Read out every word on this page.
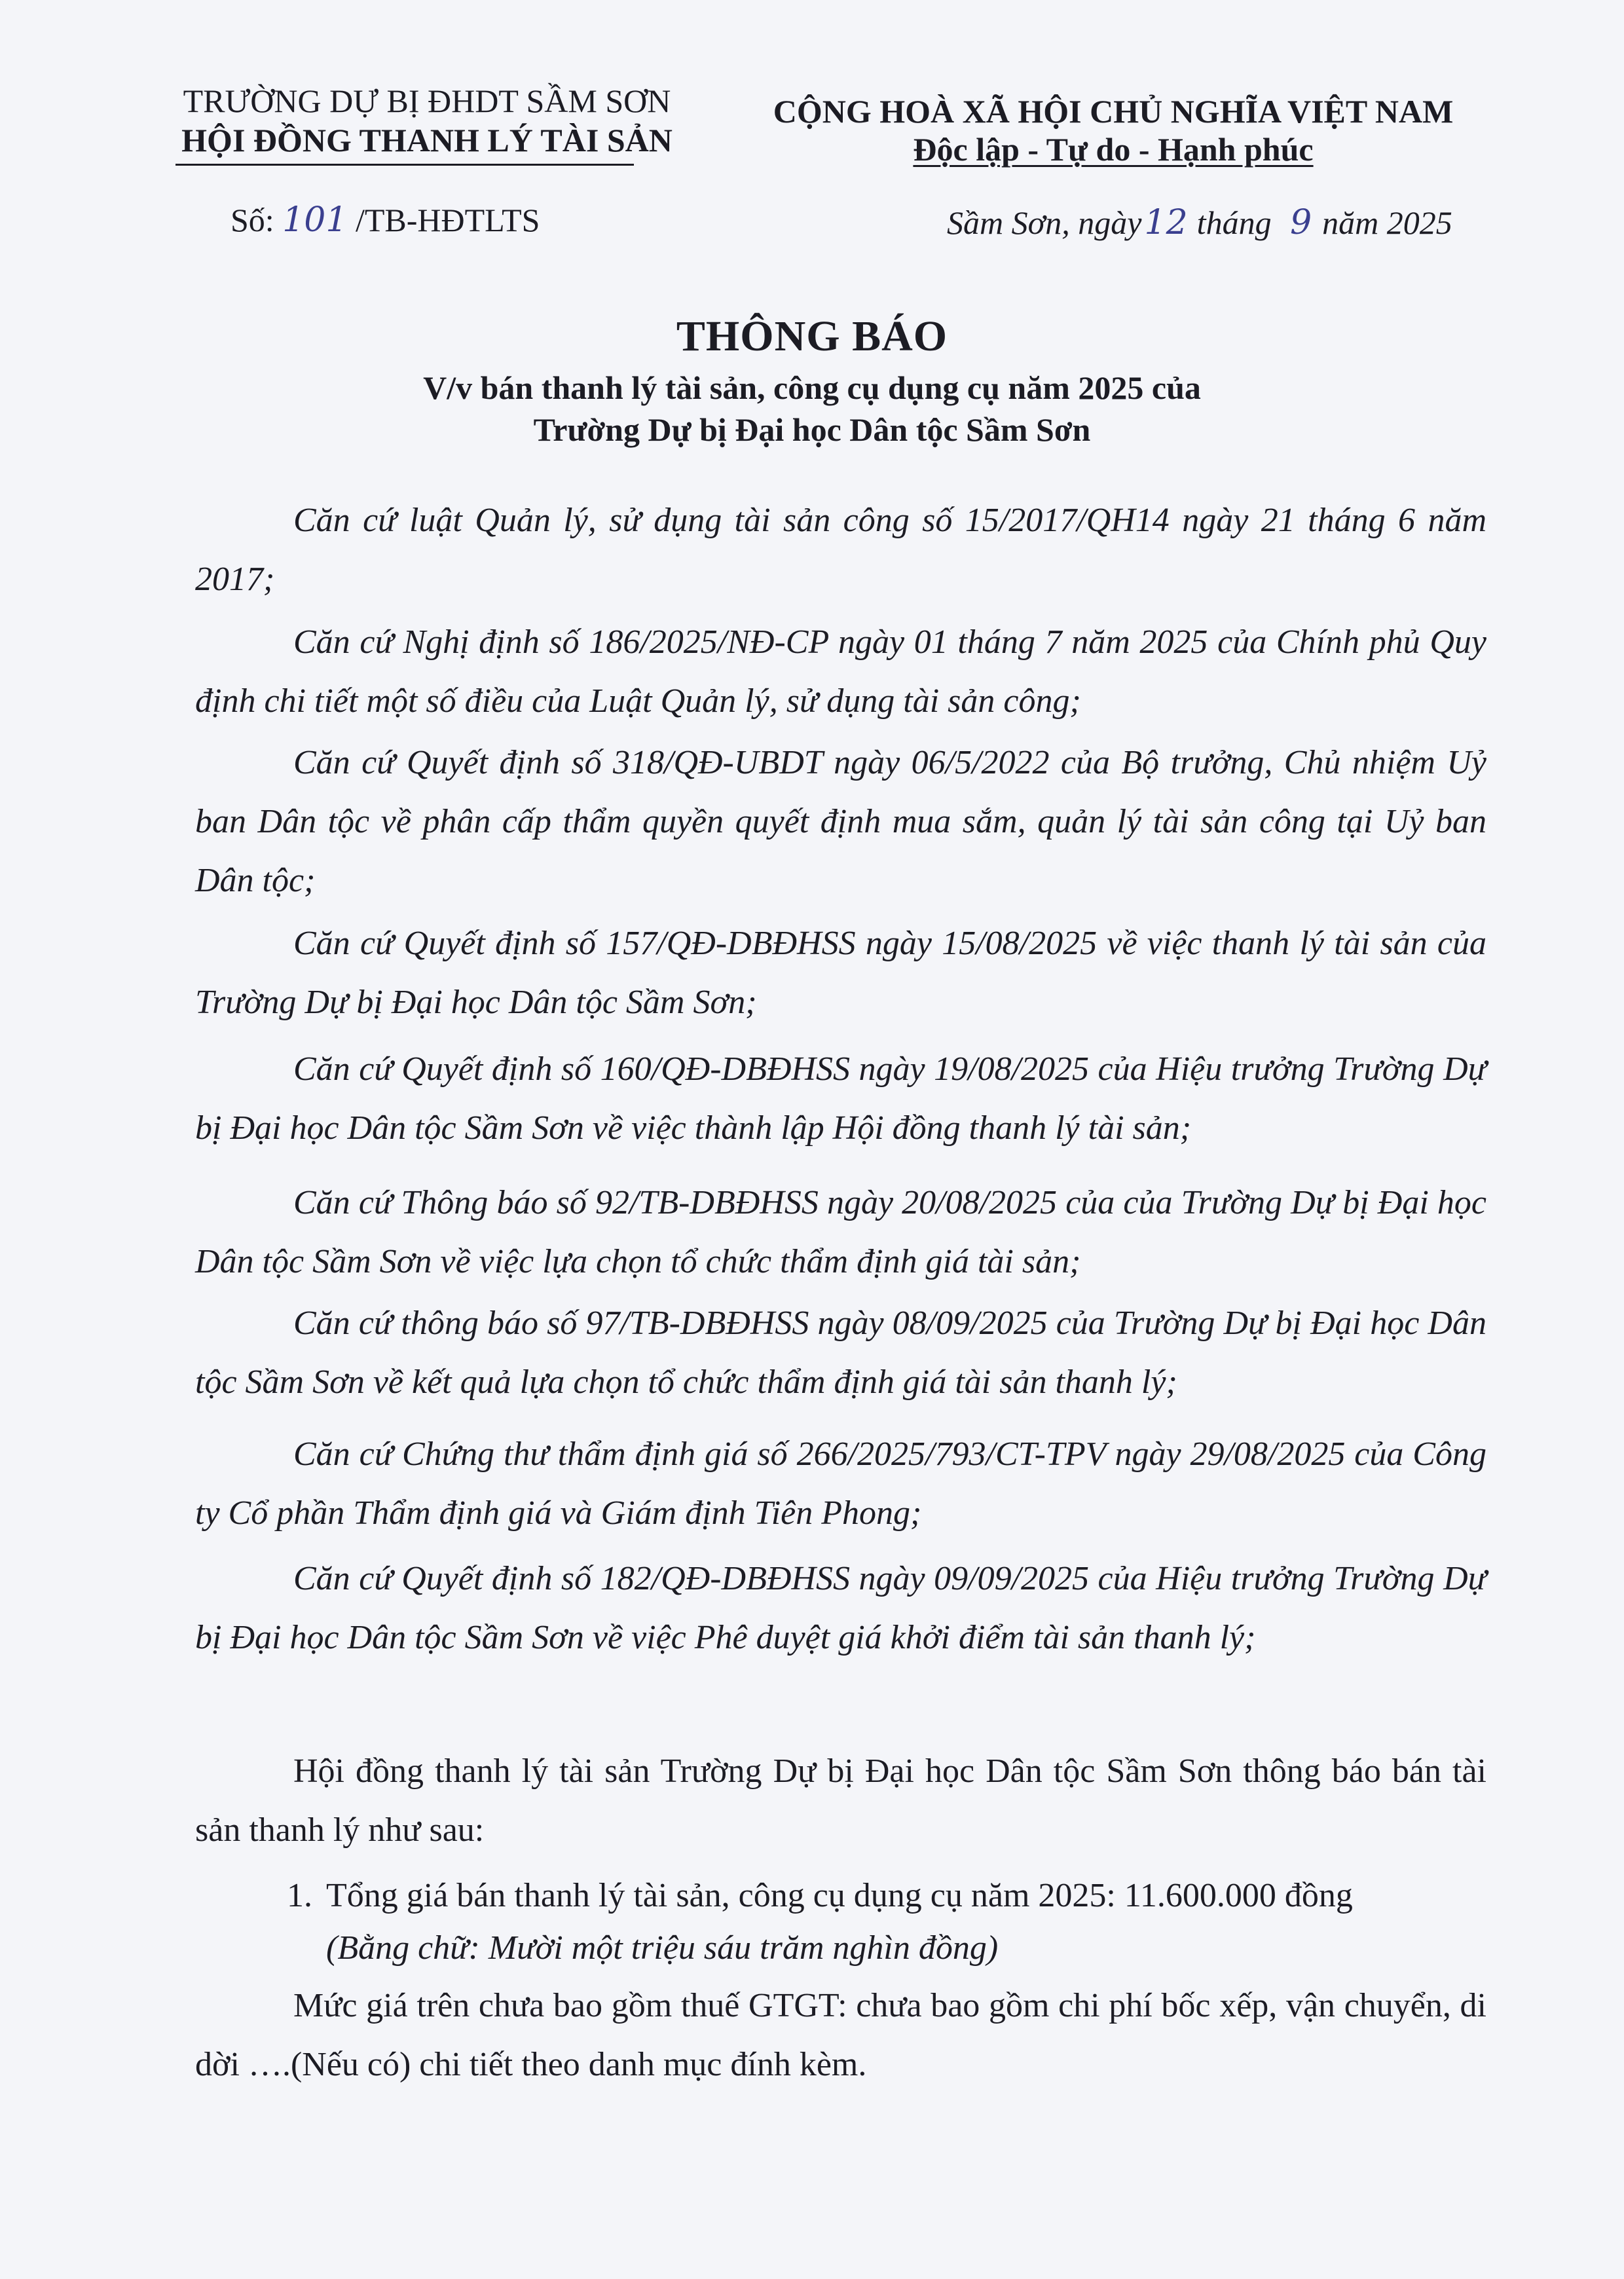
TRƯỜNG DỰ BỊ ĐHDT SẦM SƠN
HỘI ĐỒNG THANH LÝ TÀI SẢN
CỘNG HOÀ XÃ HỘI CHỦ NGHĨA VIỆT NAM
Độc lập - Tự do - Hạnh phúc
Số: 101 /TB-HĐTLTS	Sầm Sơn, ngày12 tháng 9 năm 2025
THÔNG BÁO
V/v bán thanh lý tài sản, công cụ dụng cụ năm 2025 của
Trường Dự bị Đại học Dân tộc Sầm Sơn
Căn cứ luật Quản lý, sử dụng tài sản công số 15/2017/QH14 ngày 21 tháng 6 năm 2017;
Căn cứ Nghị định số 186/2025/NĐ-CP ngày 01 tháng 7 năm 2025 của Chính phủ Quy định chi tiết một số điều của Luật Quản lý, sử dụng tài sản công;
Căn cứ Quyết định số 318/QĐ-UBDT ngày 06/5/2022 của Bộ trưởng, Chủ nhiệm Uỷ ban Dân tộc về phân cấp thẩm quyền quyết định mua sắm, quản lý tài sản công tại Uỷ ban Dân tộc;
Căn cứ Quyết định số 157/QĐ-DBĐHSS ngày 15/08/2025 về việc thanh lý tài sản của Trường Dự bị Đại học Dân tộc Sầm Sơn;
Căn cứ Quyết định số 160/QĐ-DBĐHSS ngày 19/08/2025 của Hiệu trưởng Trường Dự bị Đại học Dân tộc Sầm Sơn về việc thành lập Hội đồng thanh lý tài sản;
Căn cứ Thông báo số 92/TB-DBĐHSS ngày 20/08/2025 của của Trường Dự bị Đại học Dân tộc Sầm Sơn về việc lựa chọn tổ chức thẩm định giá tài sản;
Căn cứ thông báo số 97/TB-DBĐHSS ngày 08/09/2025 của Trường Dự bị Đại học Dân tộc Sầm Sơn về kết quả lựa chọn tổ chức thẩm định giá tài sản thanh lý;
Căn cứ Chứng thư thẩm định giá số 266/2025/793/CT-TPV ngày 29/08/2025 của Công ty Cổ phần Thẩm định giá và Giám định Tiên Phong;
Căn cứ Quyết định số 182/QĐ-DBĐHSS ngày 09/09/2025 của Hiệu trưởng Trường Dự bị Đại học Dân tộc Sầm Sơn về việc Phê duyệt giá khởi điểm tài sản thanh lý;
Hội đồng thanh lý tài sản Trường Dự bị Đại học Dân tộc Sầm Sơn thông báo bán tài sản thanh lý như sau:
1. Tổng giá bán thanh lý tài sản, công cụ dụng cụ năm 2025: 11.600.000 đồng
(Bằng chữ: Mười một triệu sáu trăm nghìn đồng)
Mức giá trên chưa bao gồm thuế GTGT: chưa bao gồm chi phí bốc xếp, vận chuyển, di dời ….(Nếu có) chi tiết theo danh mục đính kèm.
